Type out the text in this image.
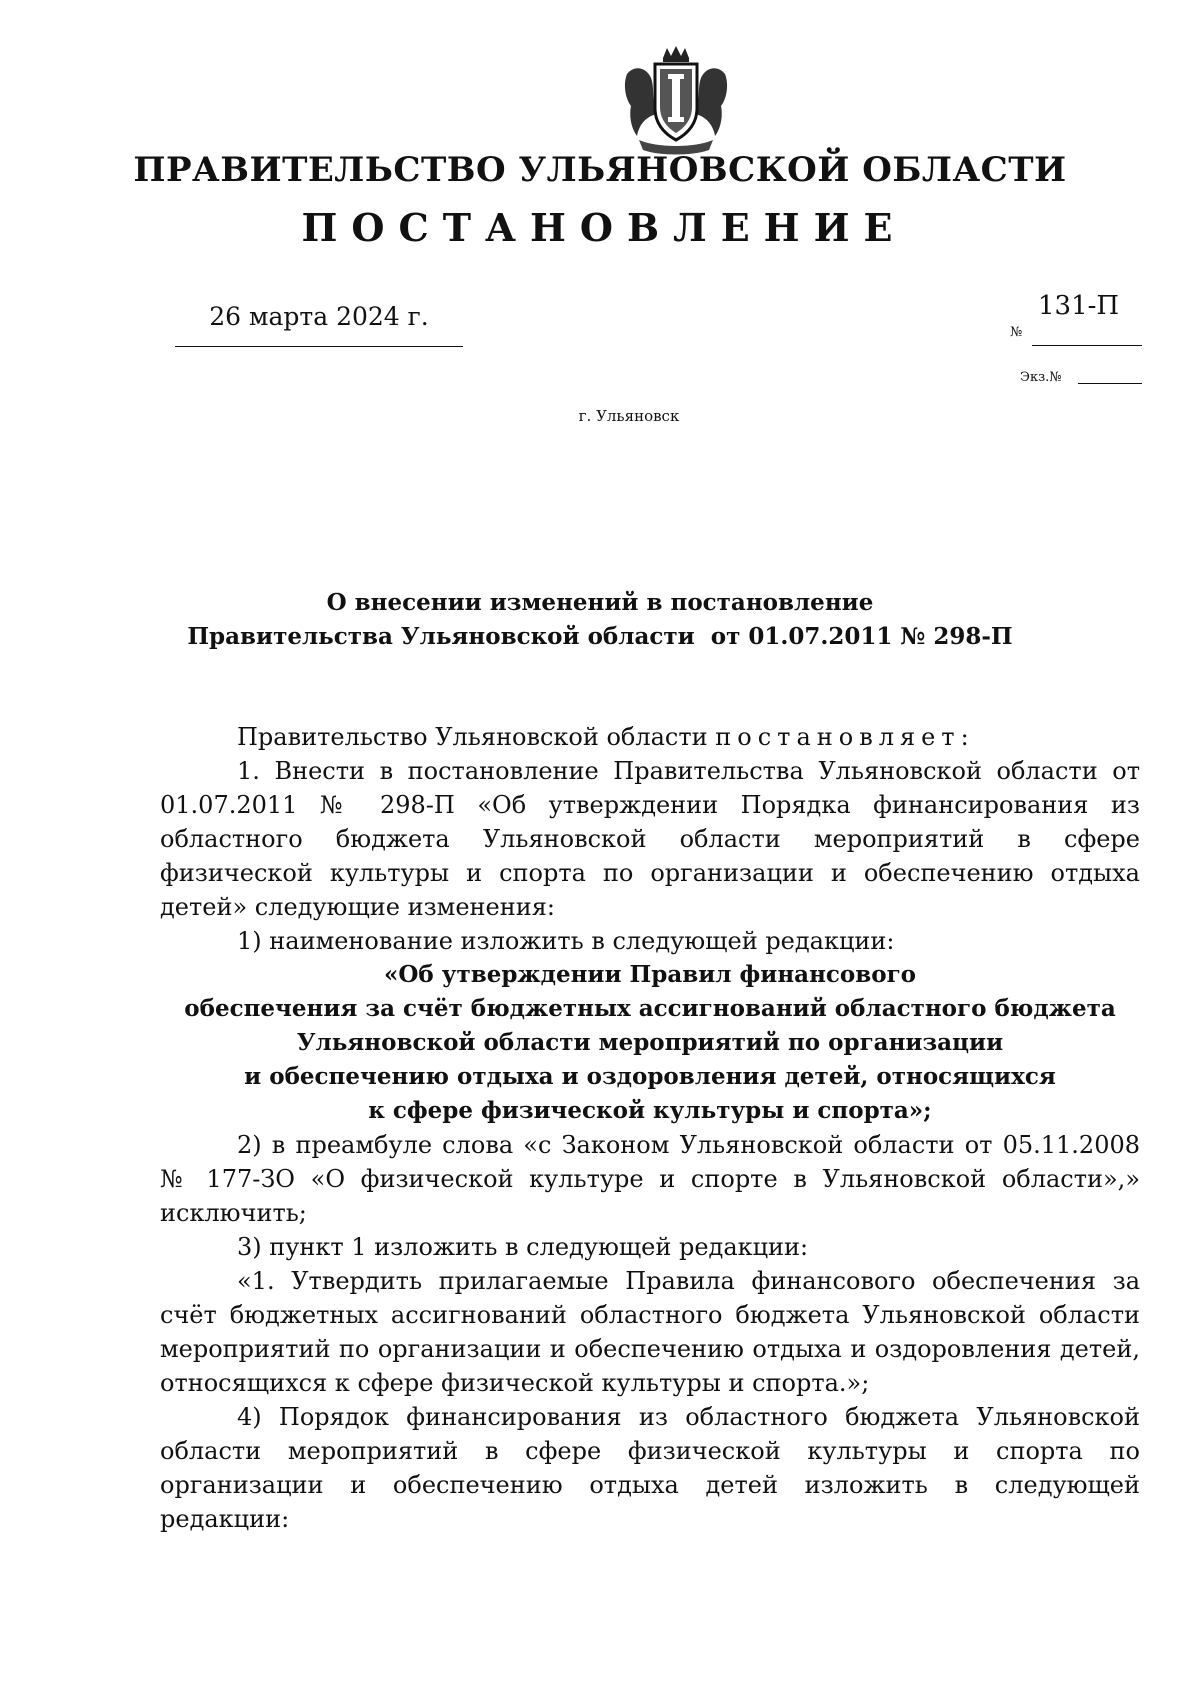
ПРАВИТЕЛЬСТВО УЛЬЯНОВСКОЙ ОБЛАСТИ
ПОСТАНОВЛЕНИЕ
26 марта 2024 г.	131-П
№
Экз.№
г. Ульяновск
О внесении изменений в постановление
Правительства Ульяновской области  от 01.07.2011 № 298-П

Правительство Ульяновской области постановляет:

1. Внести в постановление Правительства Ульяновской области от 01.07.2011 № 298-П «Об утверждении Порядка финансирования из областного бюджета Ульяновской области мероприятий в сфере физической культуры и спорта по организации и обеспечению отдыха детей» следующие изменения:

1) наименование изложить в следующей редакции:

«Об утверждении Правил финансового
обеспечения за счёт бюджетных ассигнований областного бюджета
Ульяновской области мероприятий по организации
и обеспечению отдыха и оздоровления детей, относящихся
к сфере физической культуры и спорта»;

2) в преамбуле слова «с Законом Ульяновской области от 05.11.2008 № 177-ЗО «О физической культуре и спорте в Ульяновской области»,» исключить;

3) пункт 1 изложить в следующей редакции:

«1. Утвердить прилагаемые Правила финансового обеспечения за счёт бюджетных ассигнований областного бюджета Ульяновской области мероприятий по организации и обеспечению отдыха и оздоровления детей, относящихся к сфере физической культуры и спорта.»;

4) Порядок финансирования из областного бюджета Ульяновской области мероприятий в сфере физической культуры и спорта по организации и обеспечению отдыха детей изложить в следующей редакции:
